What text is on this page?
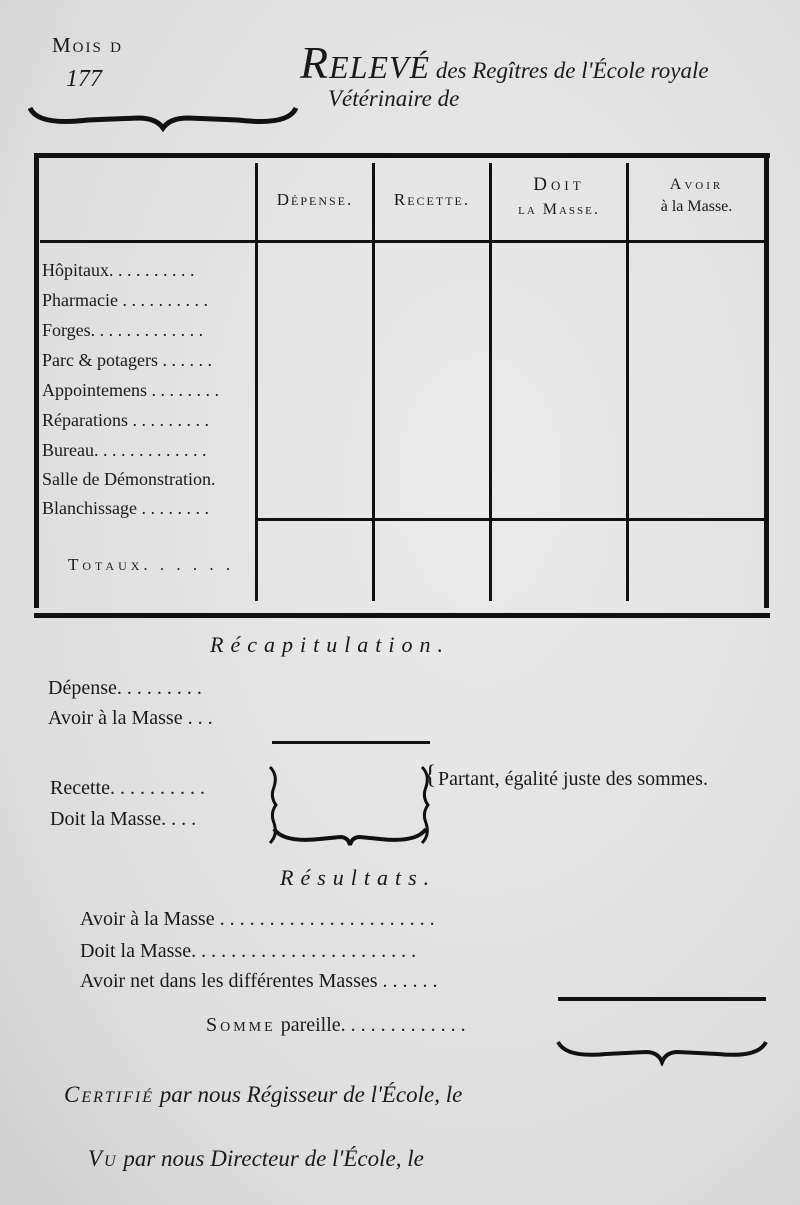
Mois d
177	Relevé des Regîtres de l'École royale
Vétérinaire de
Dépense.	Recette.
Doit
la Masse.
Avoir
à la Masse.
Hôpitaux. . . . . . . . . .
Pharmacie . . . . . . . . . .
Forges. . . . . . . . . . . . .
Parc & potagers . . . . . .
Appointemens . . . . . . . .
Réparations . . . . . . . . .
Bureau. . . . . . . . . . . . .
Salle de Démonstration.
Blanchissage . . . . . . . .
Totaux. . . . . .
Récapitulation.
Dépense. . . . . . . . .
Avoir à la Masse . . .
Recette. . . . . . . . . .
Doit la Masse. . . .
{ Partant, égalité juste des sommes.
Résultats.
Avoir à la Masse . . . . . . . . . . . . . . . . . . . . . .
Doit la Masse. . . . . . . . . . . . . . . . . . . . . . .
Avoir net dans les différentes Masses . . . . . .
Somme pareille. . . . . . . . . . . . .
Certifié par nous Régisseur de l'École, le
Vu par nous Directeur de l'École, le
